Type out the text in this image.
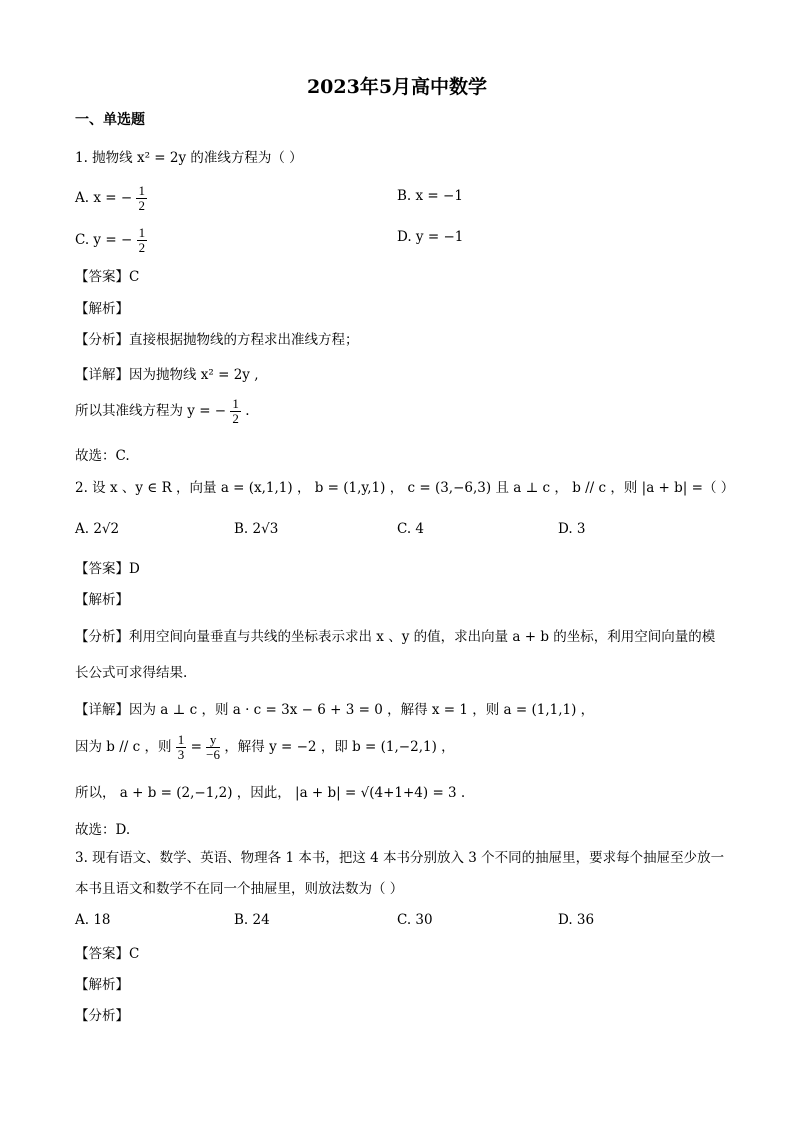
2023年5月高中数学
一、单选题
1. 抛物线 x² = 2y 的准线方程为（ ）
A. x = − $\frac{1}{2}$	B. x = −1
C. y = − $\frac{1}{2}$	D. y = −1
【答案】C
【解析】
【分析】直接根据抛物线的方程求出准线方程；
【详解】因为抛物线 x² = 2y ,
所以其准线方程为 y = − $\frac{1}{2}$ .
故选：C.
2. 设 x 、y ∈ R ，向量 a = (x,1,1) ， b = (1,y,1) ， c = (3,−6,3) 且 a ⊥ c ， b // c ，则 |a + b| =（ ）
A. 2√2	B. 2√3	C. 4	D. 3
【答案】D
【解析】
【分析】利用空间向量垂直与共线的坐标表示求出 x 、y 的值，求出向量 a + b 的坐标，利用空间向量的模
长公式可求得结果.
【详解】因为 a ⊥ c ，则 a · c = 3x − 6 + 3 = 0 ，解得 x = 1 ，则 a = (1,1,1) ，
因为 b // c ，则 $\frac{1}{3} = \frac{y}{-6}$ ，解得 y = −2 ，即 b = (1,−2,1) ，
所以， a + b = (2,−1,2) ，因此， |a + b| = √(4+1+4) = 3 .
故选：D.
3. 现有语文、数学、英语、物理各 1 本书，把这 4 本书分别放入 3 个不同的抽屉里，要求每个抽屉至少放一
本书且语文和数学不在同一个抽屉里，则放法数为（ ）
A. 18	B. 24	C. 30	D. 36
【答案】C
【解析】
【分析】
